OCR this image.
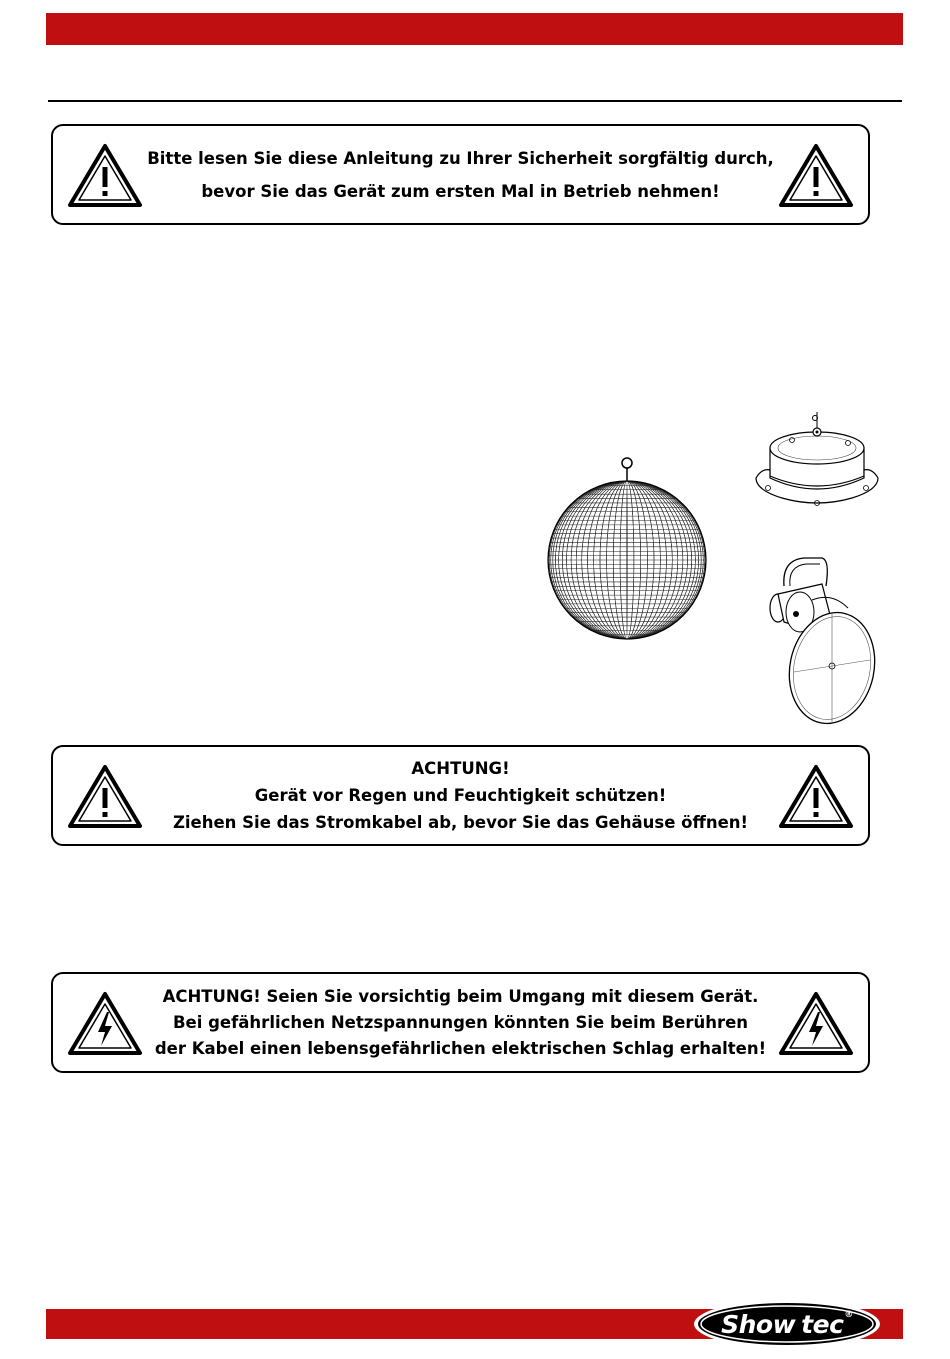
Bitte lesen Sie diese Anleitung zu Ihrer Sicherheit sorgfältig durch,
bevor Sie das Gerät zum ersten Mal in Betrieb nehmen!
ACHTUNG!
Gerät vor Regen und Feuchtigkeit schützen!
Ziehen Sie das Stromkabel ab, bevor Sie das Gehäuse öffnen!
ACHTUNG! Seien Sie vorsichtig beim Umgang mit diesem Gerät.
Bei gefährlichen Netzspannungen könnten Sie beim Berühren
der Kabel einen lebensgefährlichen elektrischen Schlag erhalten!
Show tec ®
